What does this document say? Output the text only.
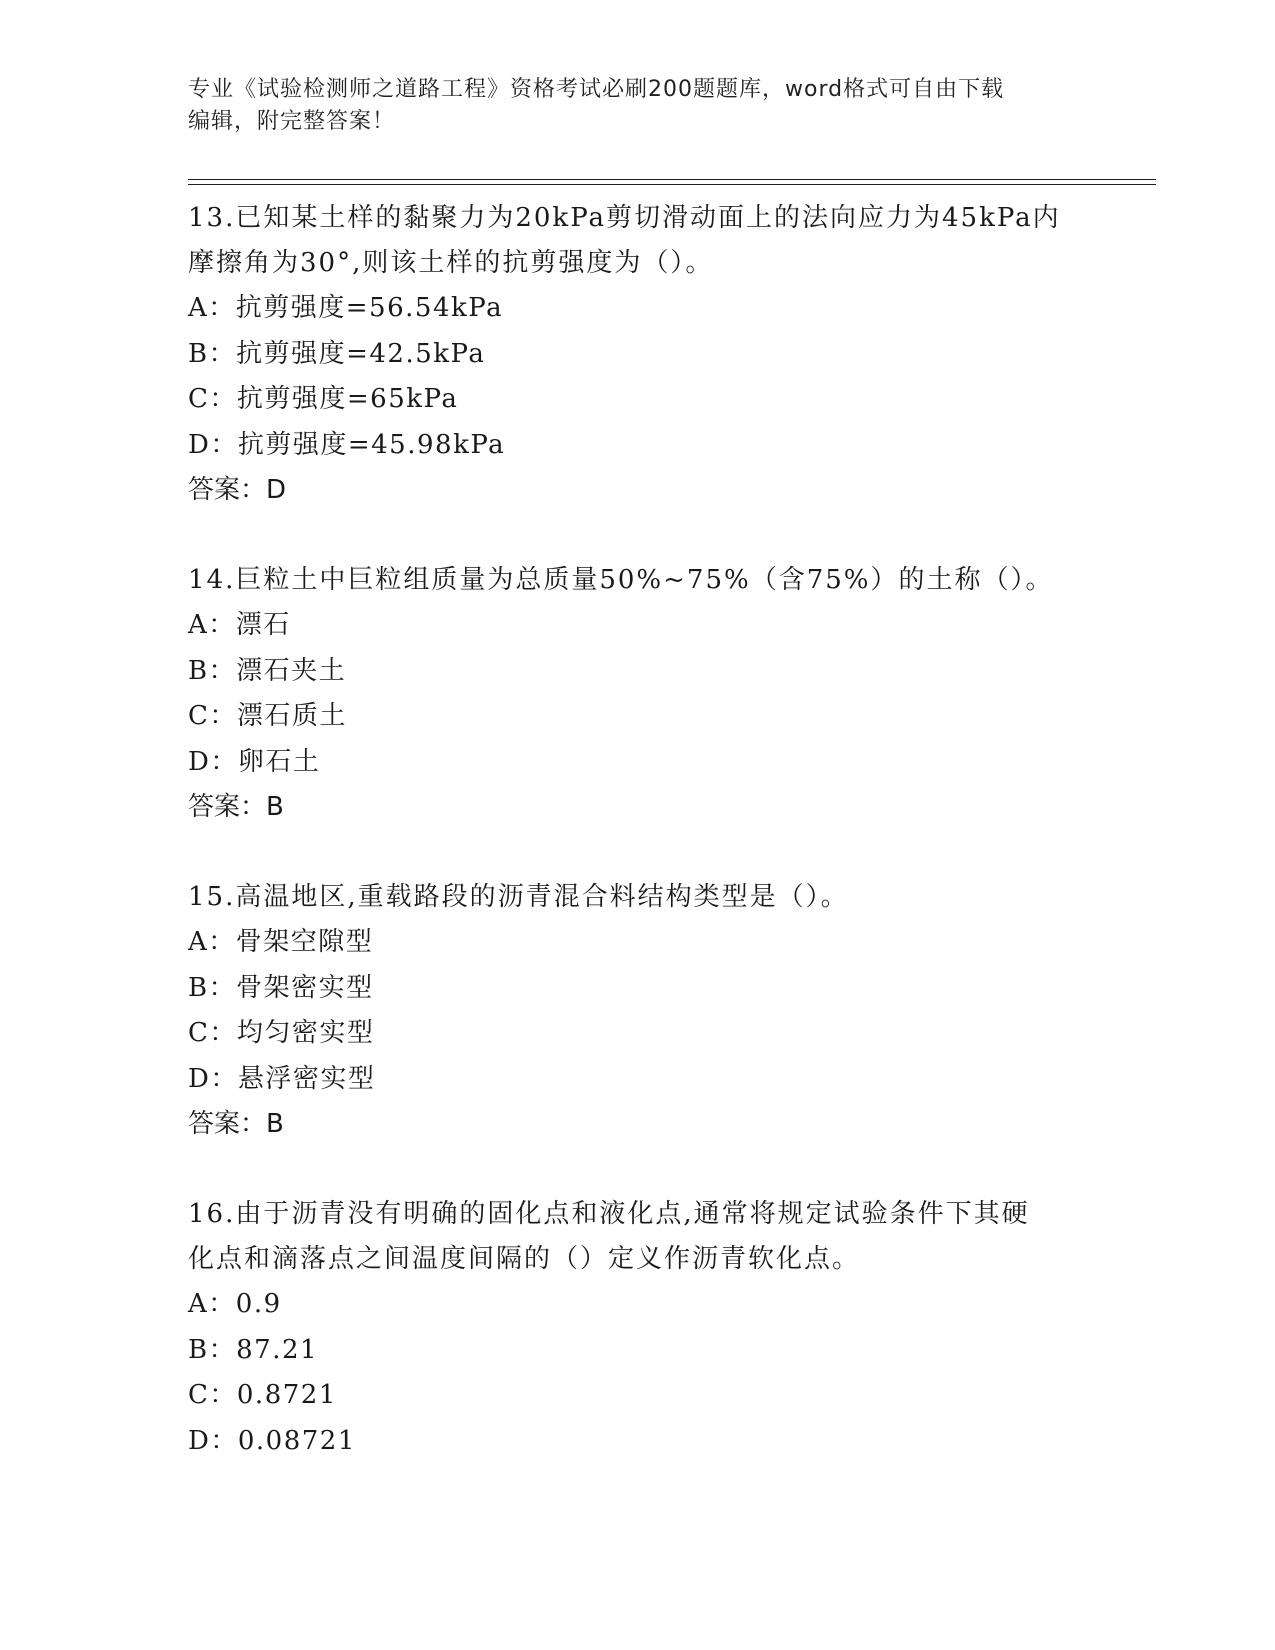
专业《试验检测师之道路工程》资格考试必刷200题题库，word格式可自由下载
编辑，附完整答案！

13.已知某土样的黏聚力为20kPa剪切滑动面上的法向应力为45kPa内

摩擦角为30°,则该土样的抗剪强度为（）。

A：抗剪强度=56.54kPa

B：抗剪强度=42.5kPa

C：抗剪强度=65kPa

D：抗剪强度=45.98kPa

答案：D

14.巨粒土中巨粒组质量为总质量50%~75%（含75%）的土称（）。

A：漂石

B：漂石夹土

C：漂石质土

D：卵石土

答案：B

15.高温地区,重载路段的沥青混合料结构类型是（）。

A：骨架空隙型

B：骨架密实型

C：均匀密实型

D：悬浮密实型

答案：B

16.由于沥青没有明确的固化点和液化点,通常将规定试验条件下其硬

化点和滴落点之间温度间隔的（）定义作沥青软化点。

A：0.9

B：87.21

C：0.8721

D：0.08721
